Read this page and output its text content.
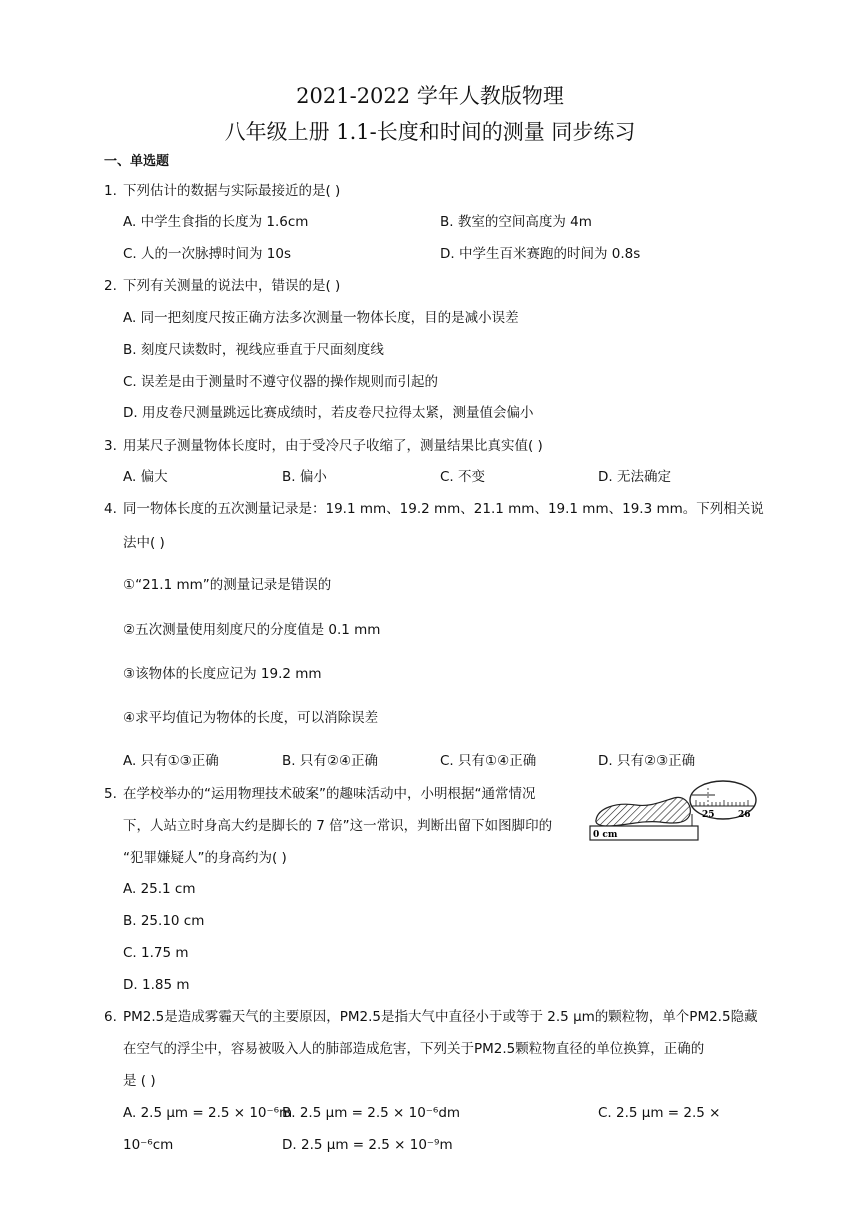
2021-2022 学年人教版物理
八年级上册 1.1-长度和时间的测量 同步练习
一、单选题
1. 下列估计的数据与实际最接近的是( )
A. 中学生食指的长度为 1.6cm	B. 教室的空间高度为 4m
C. 人的一次脉搏时间为 10s	D. 中学生百米赛跑的时间为 0.8s
2. 下列有关测量的说法中，错误的是( )
A. 同一把刻度尺按正确方法多次测量一物体长度，目的是减小误差
B. 刻度尺读数时，视线应垂直于尺面刻度线
C. 误差是由于测量时不遵守仪器的操作规则而引起的
D. 用皮卷尺测量跳远比赛成绩时，若皮卷尺拉得太紧，测量值会偏小
3. 用某尺子测量物体长度时，由于受冷尺子收缩了，测量结果比真实值( )
A. 偏大	B. 偏小	C. 不变	D. 无法确定
4. 同一物体长度的五次测量记录是：19.1 mm、19.2 mm、21.1 mm、19.1 mm、19.3 mm。下列相关说
法中( )
①“21.1 mm”的测量记录是错误的
②五次测量使用刻度尺的分度值是 0.1 mm
③该物体的长度应记为 19.2 mm
④求平均值记为物体的长度，可以消除误差
A. 只有①③正确	B. 只有②④正确	C. 只有①④正确	D. 只有②③正确
5. 在学校举办的“运用物理技术破案”的趣味活动中，小明根据“通常情况
下，人站立时身高大约是脚长的 7 倍”这一常识，判断出留下如图脚印的
“犯罪嫌疑人”的身高约为( )
A. 25.1 cm
B. 25.10 cm
C. 1.75 m
D. 1.85 m
0 cm
25	26
6. PM2.5是造成雾霾天气的主要原因，PM2.5是指大气中直径小于或等于 2.5 μm的颗粒物，单个PM2.5隐藏
在空气的浮尘中，容易被吸入人的肺部造成危害，下列关于PM2.5颗粒物直径的单位换算，正确的
是 ( )
A. 2.5 μm = 2.5 × 10⁻⁶m
B. 2.5 μm = 2.5 × 10⁻⁶dm	C. 2.5 μm = 2.5 ×
10⁻⁶cm	D. 2.5 μm = 2.5 × 10⁻⁹m
